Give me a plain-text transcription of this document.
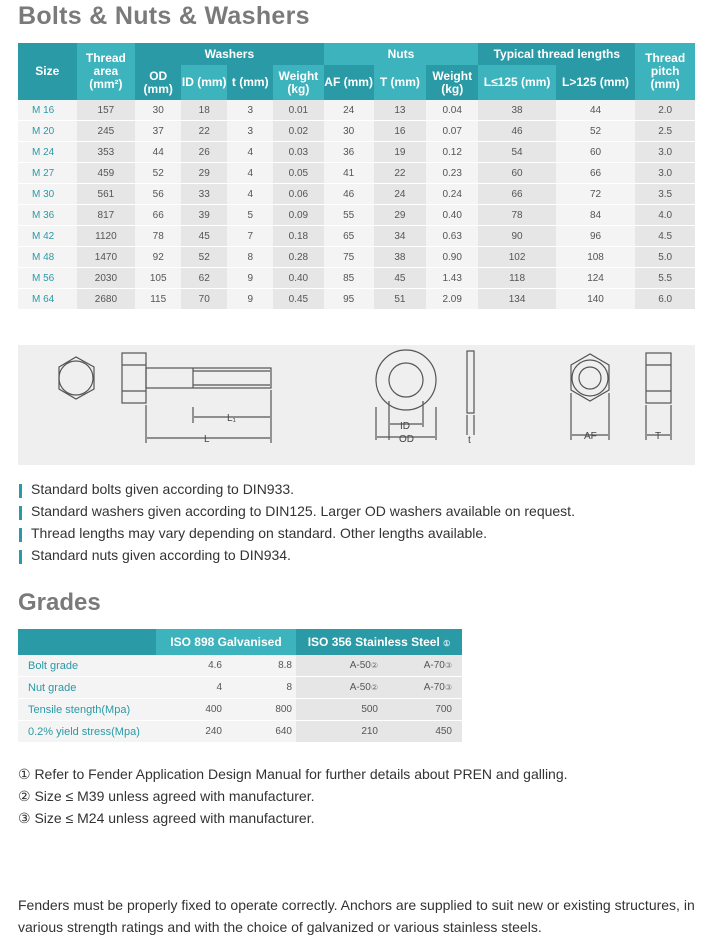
Bolts & Nuts & Washers
Size	Thread area (mm²)	Washers				Nuts			Typical thread lengths		Thread pitch (mm)
		OD (mm)	ID (mm)	t (mm)	Weight (kg)	AF (mm)	T (mm)	Weight (kg)	L≤125 (mm)	L>125 (mm)	
M 16	157	30	18	3	0.01	24	13	0.04	38	44	2.0
M 20	245	37	22	3	0.02	30	16	0.07	46	52	2.5
M 24	353	44	26	4	0.03	36	19	0.12	54	60	3.0
M 27	459	52	29	4	0.05	41	22	0.23	60	66	3.0
M 30	561	56	33	4	0.06	46	24	0.24	66	72	3.5
M 36	817	66	39	5	0.09	55	29	0.40	78	84	4.0
M 42	1120	78	45	7	0.18	65	34	0.63	90	96	4.5
M 48	1470	92	52	8	0.28	75	38	0.90	102	108	5.0
M 56	2030	105	62	9	0.40	85	45	1.43	118	124	5.5
M 64	2680	115	70	9	0.45	95	51	2.09	134	140	6.0
L₁
L
ID
OD	t	AF	T
Standard bolts given according to DIN933.
Standard washers given according to DIN125. Larger OD washers available on request.
Thread lengths may vary depending on standard. Other lengths available.
Standard nuts given according to DIN934.
Grades
	ISO 898 Galvanised		ISO 356 Stainless Steel ①	
Bolt grade	4.6	8.8	A-50②	A-70③
Nut grade	4	8	A-50②	A-70③
Tensile stength(Mpa)	400	800	500	700
0.2% yield stress(Mpa)	240	640	210	450
① Refer to Fender Application Design Manual for further details about PREN and galling.
② Size ≤ M39 unless agreed with manufacturer.
③ Size ≤ M24 unless agreed with manufacturer.
Fenders must be properly fixed to operate correctly. Anchors are supplied to suit new or existing structures, in various strength ratings and with the choice of galvanized or various stainless steels.
